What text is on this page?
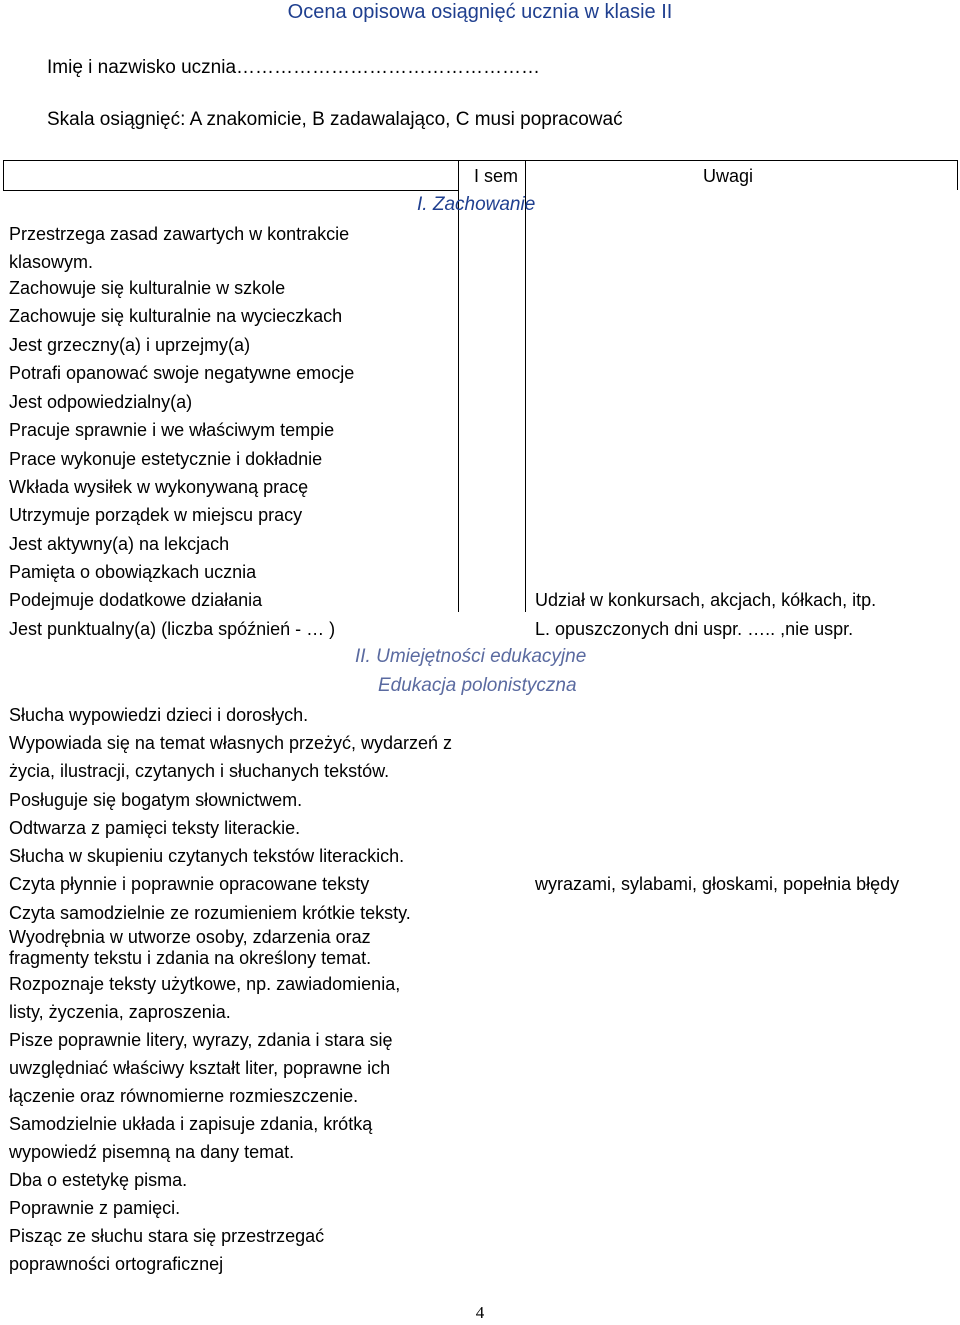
Ocena opisowa osiągnięć ucznia w klasie II
Imię i nazwisko ucznia…………………………………………
Skala osiągnięć: A znakomicie, B zadawalająco, C musi popracować
I sem	Uwagi
I. Zachowanie
Przestrzega zasad zawartych w kontrakcie klasowym.
Zachowuje się kulturalnie w szkole
Zachowuje się kulturalnie na wycieczkach
Jest grzeczny(a) i uprzejmy(a)
Potrafi opanować swoje negatywne emocje
Jest odpowiedzialny(a)
Pracuje sprawnie i we właściwym tempie
Prace wykonuje estetycznie i dokładnie
Wkłada wysiłek w wykonywaną pracę
Utrzymuje porządek w miejscu pracy
Jest aktywny(a) na lekcjach
Pamięta o obowiązkach ucznia
Podejmuje dodatkowe działania
Jest punktualny(a) (liczba spóźnień - … )
Udział w konkursach, akcjach, kółkach, itp.
L. opuszczonych dni uspr. ….. ,nie uspr.
II. Umiejętności edukacyjne
Edukacja polonistyczna
Słucha wypowiedzi dzieci i dorosłych.
Wypowiada się na temat własnych przeżyć, wydarzeń z życia, ilustracji, czytanych i słuchanych tekstów.
Posługuje się bogatym słownictwem.
Odtwarza z pamięci teksty literackie.
Słucha w skupieniu czytanych tekstów literackich.
Czyta płynnie i poprawnie opracowane teksty	wyrazami, sylabami, głoskami, popełnia błędy
Czyta samodzielnie ze rozumieniem krótkie teksty.
Wyodrębnia w utworze osoby, zdarzenia oraz fragmenty tekstu i zdania na określony temat.
Rozpoznaje teksty użytkowe, np. zawiadomienia, listy, życzenia, zaproszenia.
Pisze poprawnie litery, wyrazy, zdania i stara się uwzględniać właściwy kształt liter, poprawne ich łączenie oraz równomierne rozmieszczenie.
Samodzielnie układa i zapisuje zdania, krótką wypowiedź pisemną na dany temat.
Dba o estetykę pisma.
Poprawnie z pamięci.
Pisząc ze słuchu stara się przestrzegać poprawności ortograficznej
4
